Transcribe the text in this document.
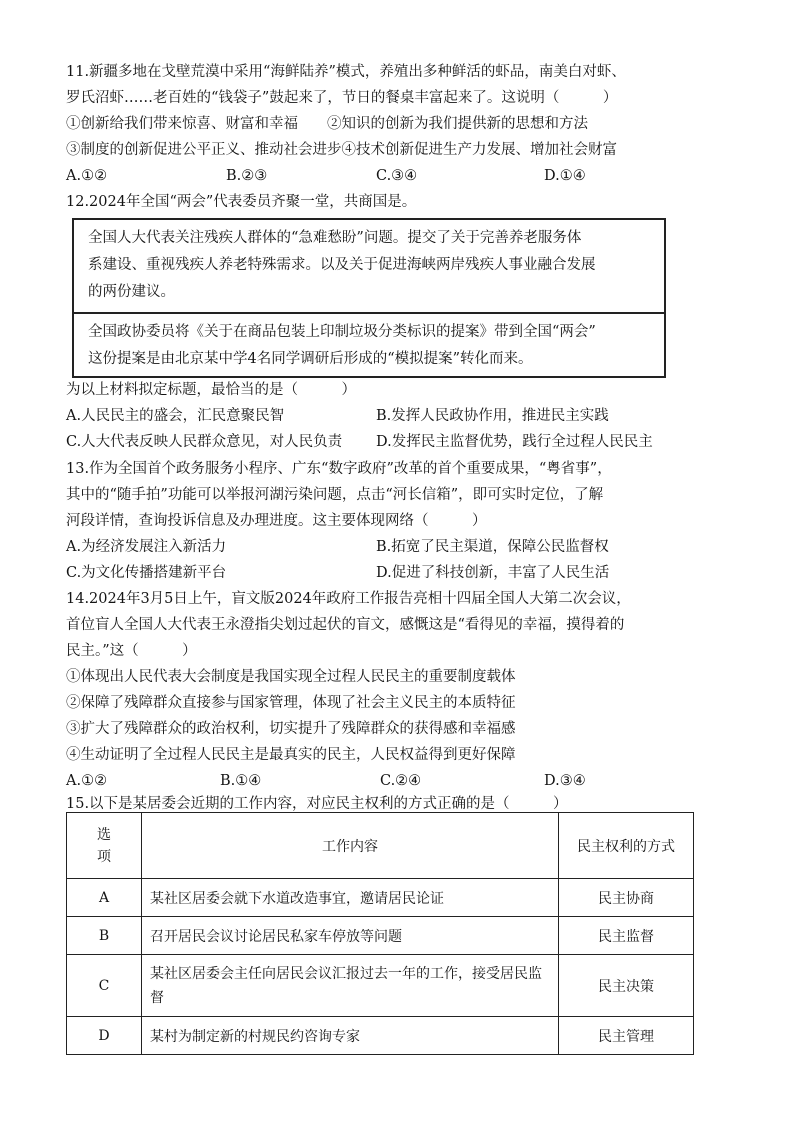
11.新疆多地在戈壁荒漠中采用“海鲜陆养”模式，养殖出多种鲜活的虾品，南美白对虾、
罗氏沼虾……老百姓的“钱袋子”鼓起来了，节日的餐桌丰富起来了。这说明（　　　）
①创新给我们带来惊喜、财富和幸福　　②知识的创新为我们提供新的思想和方法
③制度的创新促进公平正义、推动社会进步④技术创新促进生产力发展、增加社会财富
A.①②	B.②③	C.③④	D.①④
12.2024年全国“两会”代表委员齐聚一堂，共商国是。
全国人大代表关注残疾人群体的“急难愁盼”问题。提交了关于完善养老服务体
系建设、重视残疾人养老特殊需求。以及关于促进海峡两岸残疾人事业融合发展
的两份建议。
全国政协委员将《关于在商品包装上印制垃圾分类标识的提案》带到全国“两会”
这份提案是由北京某中学4名同学调研后形成的“模拟提案”转化而来。
为以上材料拟定标题，最恰当的是（　　　）
A.人民民主的盛会，汇民意聚民智	B.发挥人民政协作用，推进民主实践
C.人大代表反映人民群众意见，对人民负责 D.发挥民主监督优势，践行全过程人民民主
13.作为全国首个政务服务小程序、广东“数字政府”改革的首个重要成果，“粤省事”，
其中的“随手拍”功能可以举报河湖污染问题，点击“河长信箱”，即可实时定位，了解
河段详情，查询投诉信息及办理进度。这主要体现网络（　　　）
A.为经济发展注入新活力	B.拓宽了民主渠道，保障公民监督权
C.为文化传播搭建新平台	D.促进了科技创新，丰富了人民生活
14.2024年3月5日上午，盲文版2024年政府工作报告亮相十四届全国人大第二次会议，
首位盲人全国人大代表王永澄指尖划过起伏的盲文，感慨这是“看得见的幸福，摸得着的
民主。”这（　　　）
①体现出人民代表大会制度是我国实现全过程人民民主的重要制度载体
②保障了残障群众直接参与国家管理，体现了社会主义民主的本质特征
③扩大了残障群众的政治权利，切实提升了残障群众的获得感和幸福感
④生动证明了全过程人民民主是最真实的民主，人民权益得到更好保障
A.①②	B.①④	C.②④	D.③④
15.以下是某居委会近期的工作内容，对应民主权利的方式正确的是（　　　）
选项	工作内容	民主权利的方式
A	某社区居委会就下水道改造事宜，邀请居民论证	民主协商
B	召开居民会议讨论居民私家车停放等问题	民主监督
C	某社区居委会主任向居民会议汇报过去一年的工作，接受居民监督	民主决策
D	某村为制定新的村规民约咨询专家	民主管理
